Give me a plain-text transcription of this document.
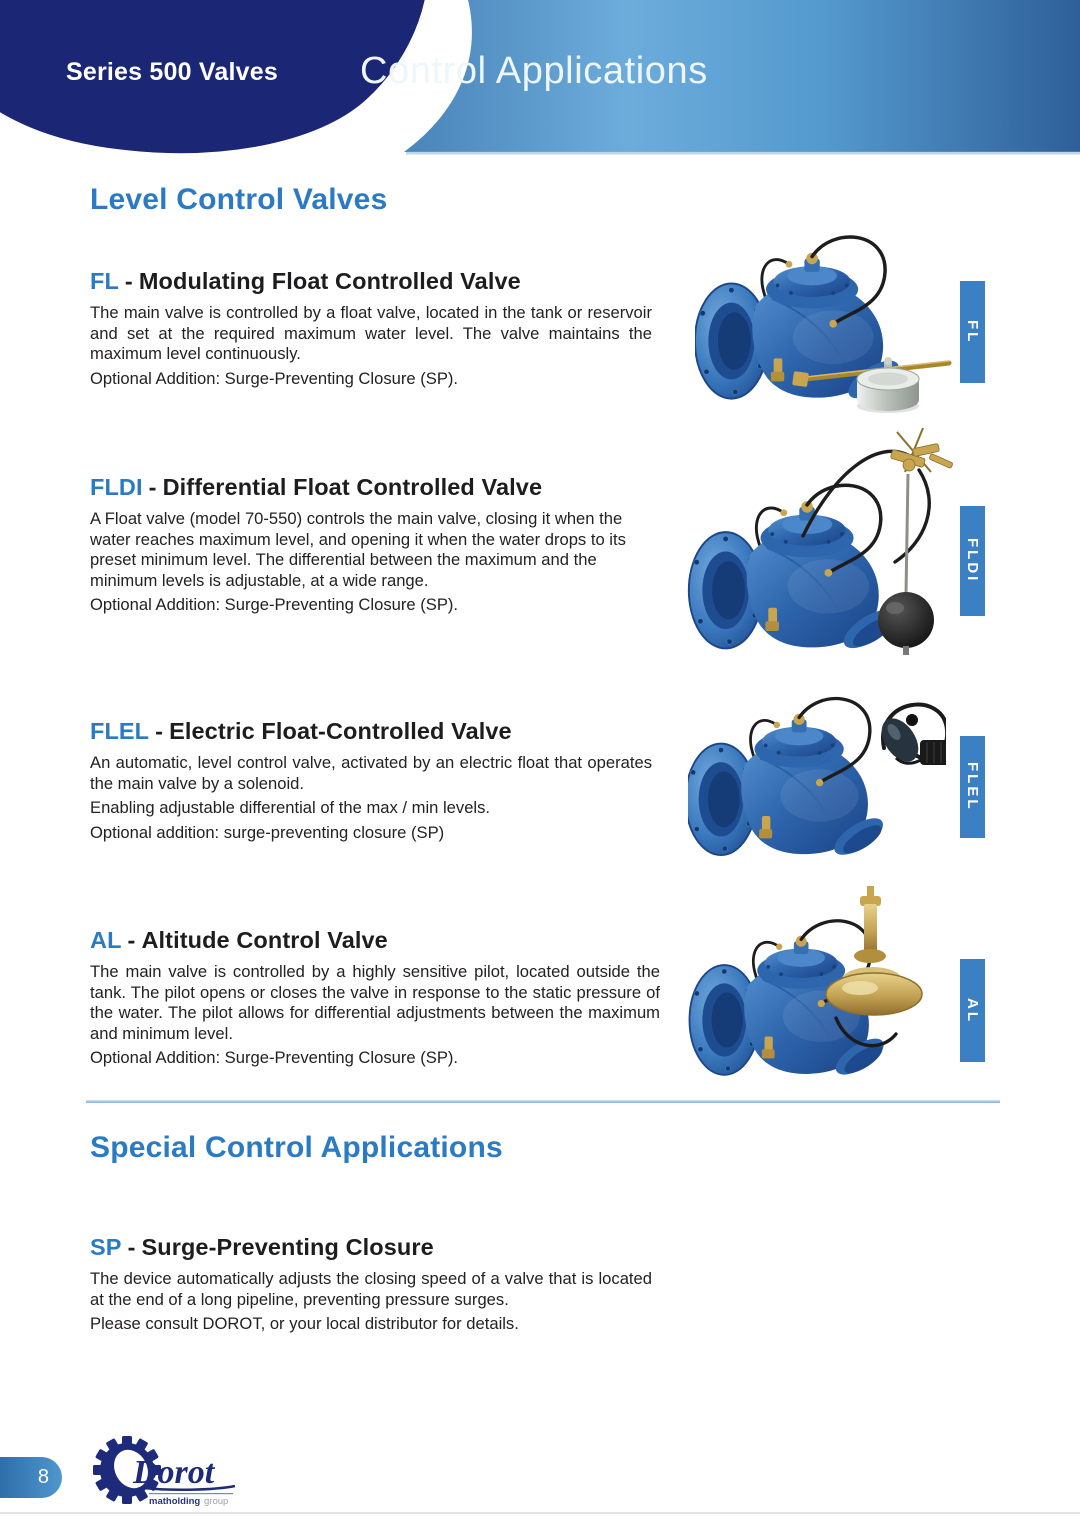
Series 500 Valves Control Applications
Level Control Valves
FL - Modulating Float Controlled Valve

The main valve is controlled by a float valve, located in the tank or reservoir and set at the required maximum water level. The valve maintains the maximum level continuously.

Optional Addition: Surge-Preventing Closure (SP).

FLDI - Differential Float Controlled Valve

A Float valve (model 70-550) controls the main valve, closing it when the water reaches maximum level, and opening it when the water drops to its preset minimum level. The differential between the maximum and the minimum levels is adjustable, at a wide range.

Optional Addition: Surge-Preventing Closure (SP).

FLEL - Electric Float-Controlled Valve

An automatic, level control valve, activated by an electric float that operates the main valve by a solenoid.

Enabling adjustable differential of the max / min levels.

Optional addition: surge-preventing closure (SP)

AL - Altitude Control Valve

The main valve is controlled by a highly sensitive pilot, located outside the tank. The pilot opens or closes the valve in response to the static pressure of the water. The pilot allows for differential adjustments between the maximum and minimum level.

Optional Addition: Surge-Preventing Closure (SP).

Special Control Applications
SP - Surge-Preventing Closure

The device automatically adjusts the closing speed of a valve that is located at the end of a long pipeline, preventing pressure surges.

Please consult DOROT, or your local distributor for details.

FL
FLDI
FLEL
AL
8 Dorot
matholding group
